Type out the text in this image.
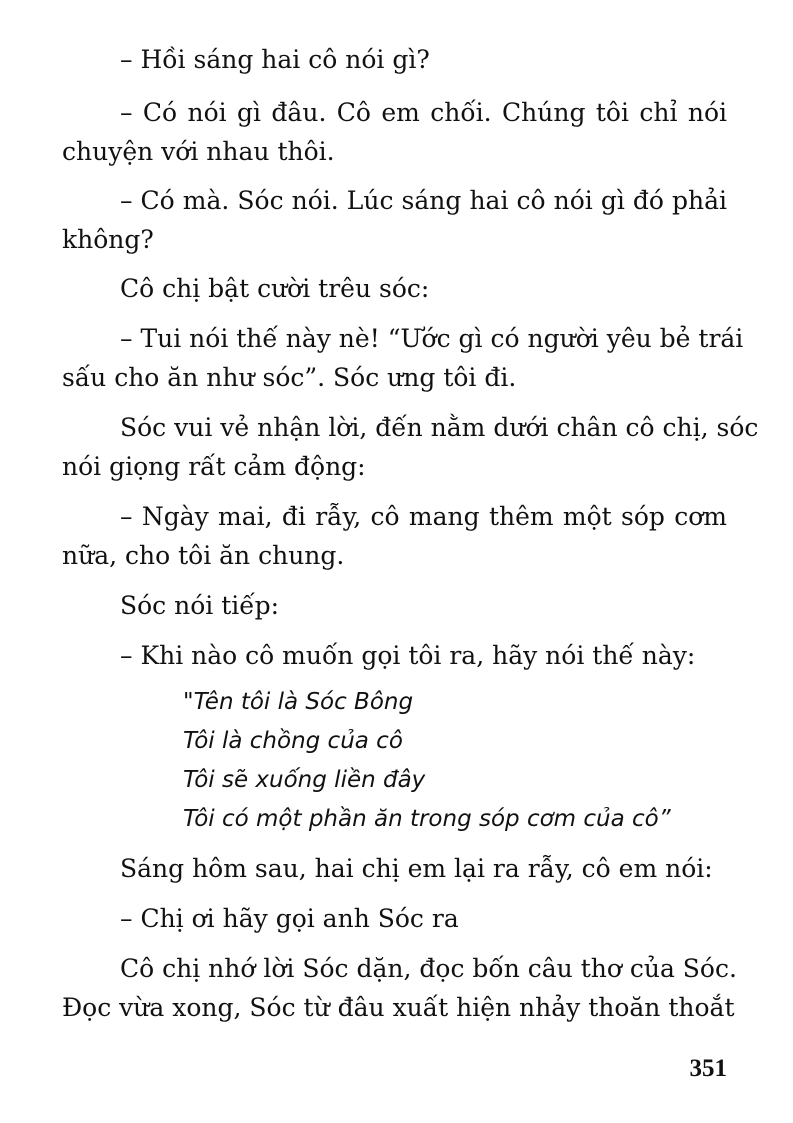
– Hồi sáng hai cô nói gì?

– Có nói gì đâu. Cô em chối. Chúng tôi chỉ nói

chuyện với nhau thôi.

– Có mà. Sóc nói. Lúc sáng hai cô nói gì đó phải

không?

Cô chị bật cười trêu sóc:

– Tui nói thế này nè! “Ước gì có người yêu bẻ trái

sấu cho ăn như sóc”. Sóc ưng tôi đi.

Sóc vui vẻ nhận lời, đến nằm dưới chân cô chị, sóc

nói giọng rất cảm động:

– Ngày mai, đi rẫy, cô mang thêm một sóp cơm

nữa, cho tôi ăn chung.

Sóc nói tiếp:

– Khi nào cô muốn gọi tôi ra, hãy nói thế này:

"Tên tôi là Sóc Bông

Tôi là chồng của cô

Tôi sẽ xuống liền đây

Tôi có một phần ăn trong sóp cơm của cô”

Sáng hôm sau, hai chị em lại ra rẫy, cô em nói:

– Chị ơi hãy gọi anh Sóc ra

Cô chị nhớ lời Sóc dặn, đọc bốn câu thơ của Sóc.

Đọc vừa xong, Sóc từ đâu xuất hiện nhảy thoăn thoắt

351
